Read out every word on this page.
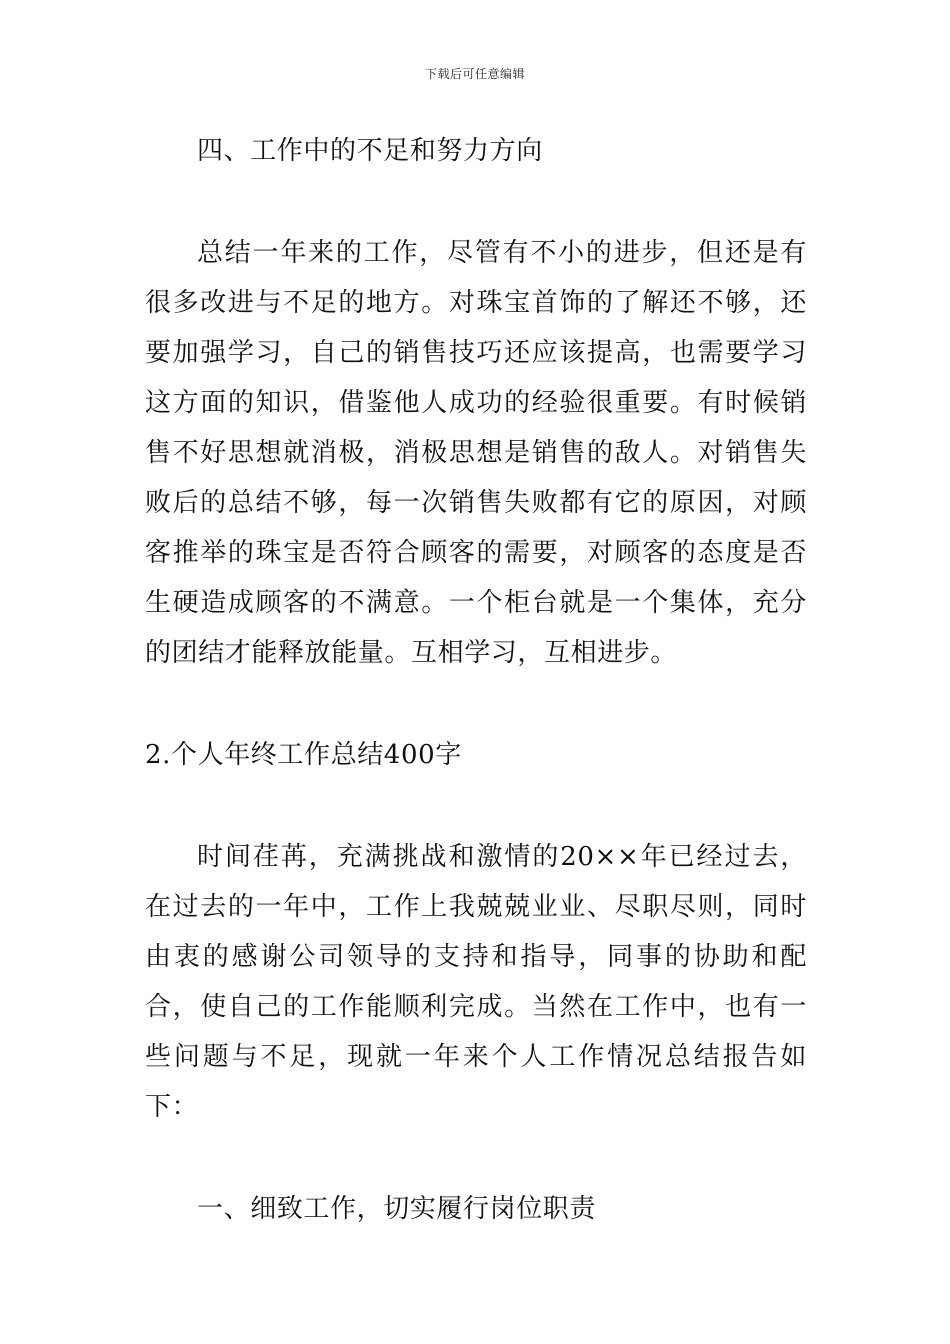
下载后可任意编辑

四、工作中的不足和努力方向

总结一年来的工作，尽管有不小的进步，但还是有很多改进与不足的地方。对珠宝首饰的了解还不够，还要加强学习，自己的销售技巧还应该提高，也需要学习这方面的知识，借鉴他人成功的经验很重要。有时候销售不好思想就消极，消极思想是销售的敌人。对销售失败后的总结不够，每一次销售失败都有它的原因，对顾客推举的珠宝是否符合顾客的需要，对顾客的态度是否生硬造成顾客的不满意。一个柜台就是一个集体，充分的团结才能释放能量。互相学习，互相进步。

2.个人年终工作总结400字

时间荏苒，充满挑战和激情的20××年已经过去，在过去的一年中，工作上我兢兢业业、尽职尽则，同时由衷的感谢公司领导的支持和指导，同事的协助和配合，使自己的工作能顺利完成。当然在工作中，也有一些问题与不足，现就一年来个人工作情况总结报告如下：

一、细致工作，切实履行岗位职责
